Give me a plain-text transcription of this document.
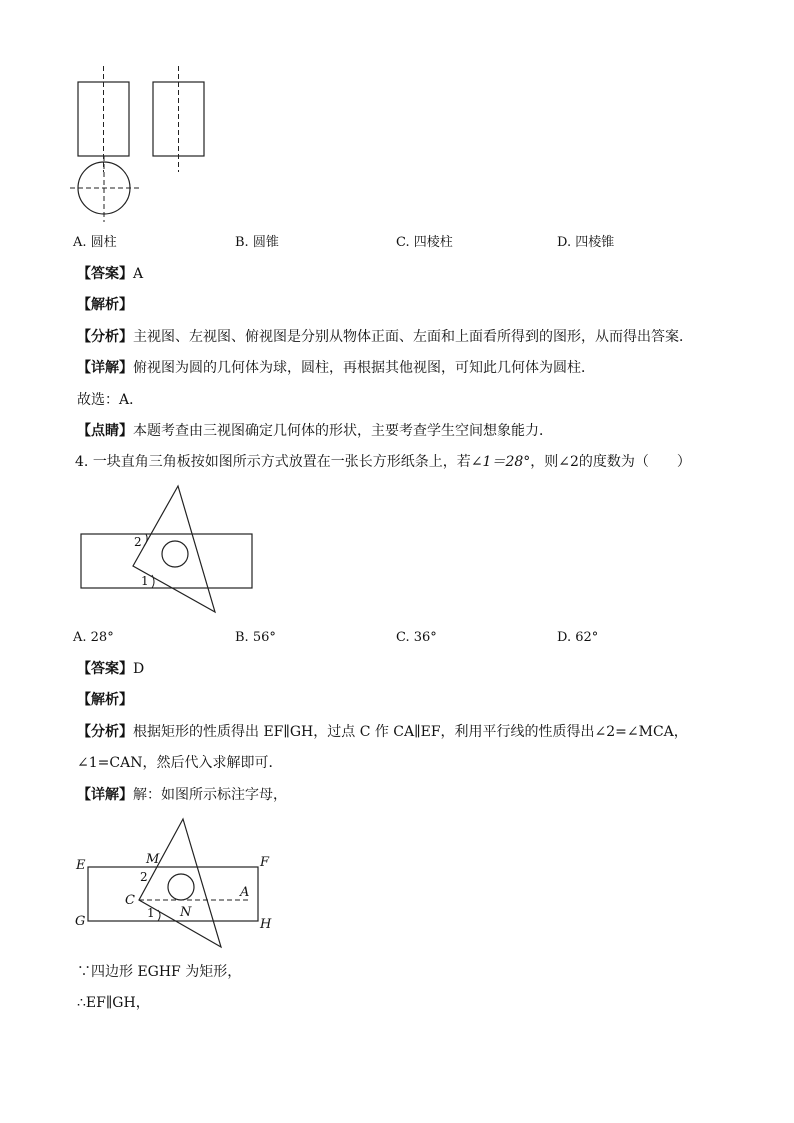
A. 圆柱	B. 圆锥	C. 四棱柱	D. 四棱锥
【答案】A
【解析】
【分析】主视图、左视图、俯视图是分别从物体正面、左面和上面看所得到的图形，从而得出答案．
【详解】俯视图为圆的几何体为球，圆柱，再根据其他视图，可知此几何体为圆柱．
故选：A．
【点睛】本题考查由三视图确定几何体的形状，主要考查学生空间想象能力．
4. 一块直角三角板按如图所示方式放置在一张长方形纸条上，若∠1＝28°，则∠2的度数为（　　）
2
1
A. 28°	B. 56°	C. 36°	D. 62°
【答案】D
【解析】
【分析】根据矩形的性质得出 EF∥GH，过点 C 作 CA∥EF，利用平行线的性质得出∠2=∠MCA，
∠1=CAN，然后代入求解即可．
【详解】解：如图所示标注字母，
E	F
G	H
M
2
C
A
1 N
∵四边形 EGHF 为矩形，
∴EF∥GH，
